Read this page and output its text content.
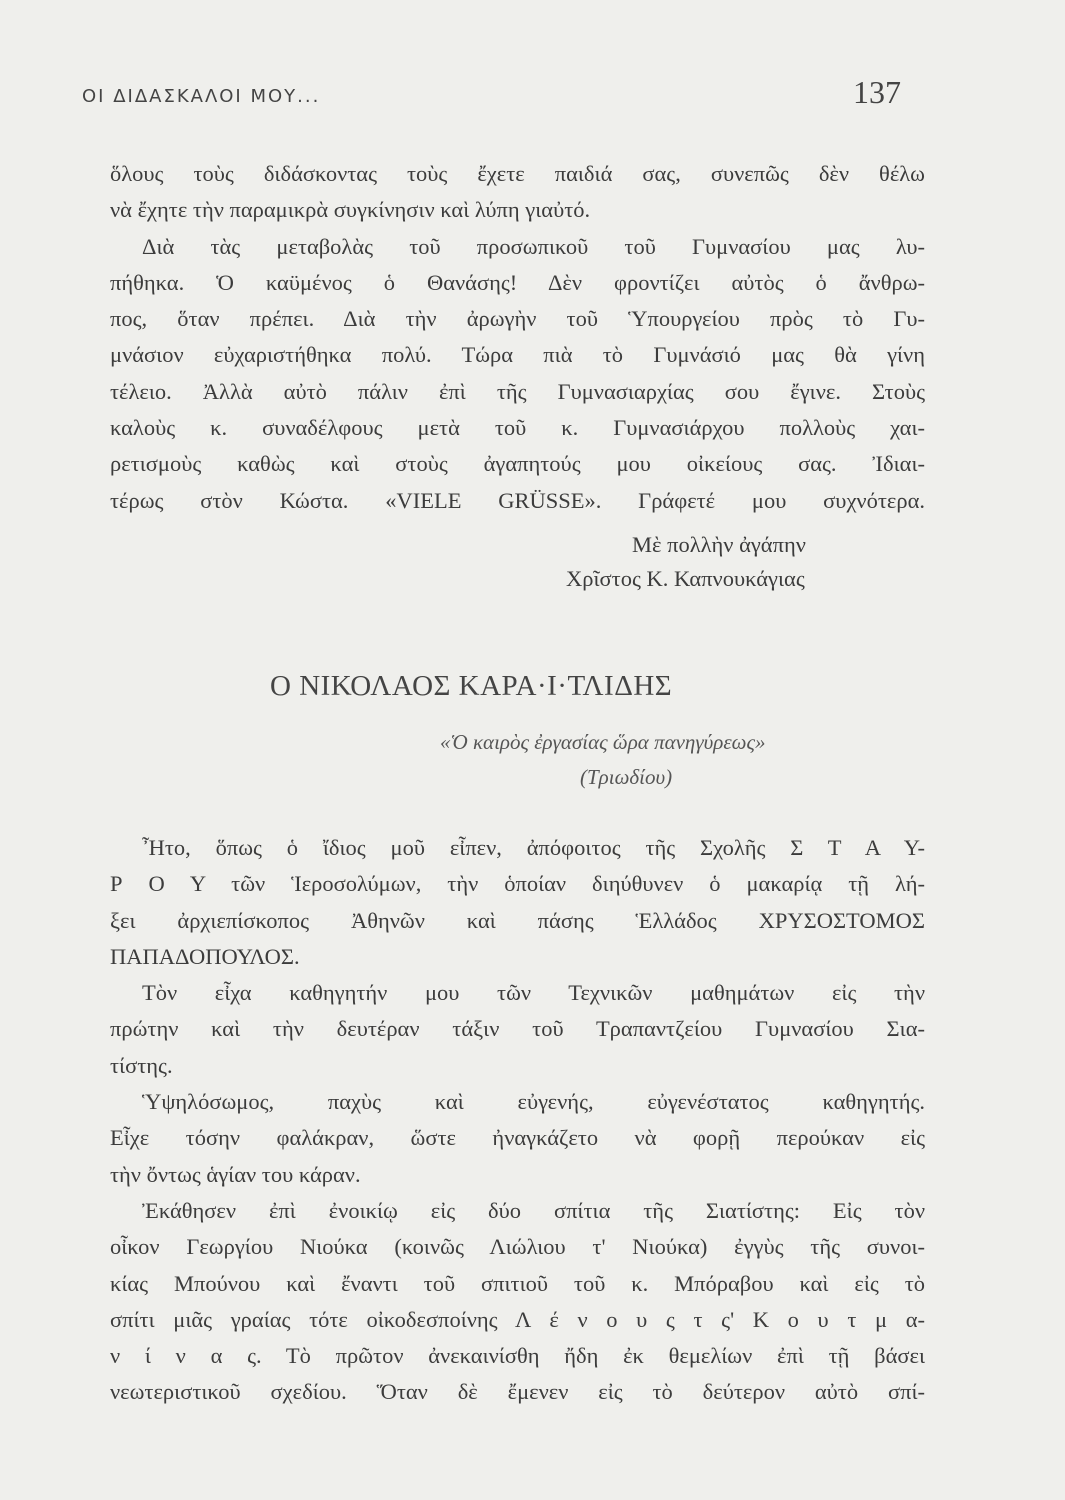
ΟΙ ΔΙΔΑΣΚΑΛΟΙ ΜΟΥ...	137
ὅλους τοὺς διδάσκοντας τοὺς ἔχετε παιδιά σας, συνεπῶς δὲν θέλω
νὰ ἔχητε τὴν παραμικρὰ συγκίνησιν καὶ λύπη γιαὐτό.
Διὰ τὰς μεταβολὰς τοῦ προσωπικοῦ τοῦ Γυμνασίου μας λυ-
πήθηκα. Ὁ καϋμένος ὁ Θανάσης! Δὲν φροντίζει αὐτὸς ὁ ἄνθρω-
πος, ὅταν πρέπει. Διὰ τὴν ἀρωγὴν τοῦ Ὑπουργείου πρὸς τὸ Γυ-
μνάσιον εὐχαριστήθηκα πολύ. Τώρα πιὰ τὸ Γυμνάσιό μας θὰ γίνη
τέλειο. Ἀλλὰ αὐτὸ πάλιν ἐπὶ τῆς Γυμνασιαρχίας σου ἔγινε. Στοὺς
καλοὺς κ. συναδέλφους μετὰ τοῦ κ. Γυμνασιάρχου πολλοὺς χαι-
ρετισμοὺς καθὼς καὶ στοὺς ἀγαπητούς μου οἰκείους σας. Ἰδιαι-
τέρως στὸν Κώστα. «VIELE GRÜSSE». Γράφετέ μου συχνότερα.
Μὲ πολλὴν ἀγάπην
Χρῖστος Κ. Καπνουκάγιας
Ο ΝΙΚΟΛΑΟΣ ΚΑΡΑ·Ι·ΤΛΙΔΗΣ
«Ὁ καιρὸς ἐργασίας ὥρα πανηγύρεως»
(Τριωδίου)
Ἦτο, ὅπως ὁ ἴδιος μοῦ εἶπεν, ἀπόφοιτος τῆς Σχολῆς Σ Τ Α Υ-
Ρ Ο Υ τῶν Ἱεροσολύμων, τὴν ὁποίαν διηύθυνεν ὁ μακαρίᾳ τῇ λή-
ξει ἀρχιεπίσκοπος Ἀθηνῶν καὶ πάσης Ἑλλάδος ΧΡΥΣΟΣΤΟΜΟΣ
ΠΑΠΑΔΟΠΟΥΛΟΣ.
Τὸν εἶχα καθηγητήν μου τῶν Τεχνικῶν μαθημάτων εἰς τὴν
πρώτην καὶ τὴν δευτέραν τάξιν τοῦ Τραπαντζείου Γυμνασίου Σια-
τίστης.
Ὑψηλόσωμος, παχὺς καὶ εὐγενής, εὐγενέστατος καθηγητής.
Εἶχε τόσην φαλάκραν, ὥστε ἠναγκάζετο νὰ φορῇ περούκαν εἰς
τὴν ὄντως ἁγίαν του κάραν.
Ἐκάθησεν ἐπὶ ἐνοικίῳ εἰς δύο σπίτια τῆς Σιατίστης: Εἰς τὸν
οἶκον Γεωργίου Νιούκα (κοινῶς Λιώλιου τ' Νιούκα) ἐγγὺς τῆς συνοι-
κίας Μπούνου καὶ ἔναντι τοῦ σπιτιοῦ τοῦ κ. Μπόραβου καὶ εἰς τὸ
σπίτι μιᾶς γραίας τότε οἰκοδεσποίνης Λ έ ν ο υ ς τ ς' Κ ο υ τ μ α-
ν ί ν α ς. Τὸ πρῶτον ἀνεκαινίσθη ἤδη ἐκ θεμελίων ἐπὶ τῇ βάσει
νεωτεριστικοῦ σχεδίου. Ὅταν δὲ ἔμενεν εἰς τὸ δεύτερον αὐτὸ σπί-
